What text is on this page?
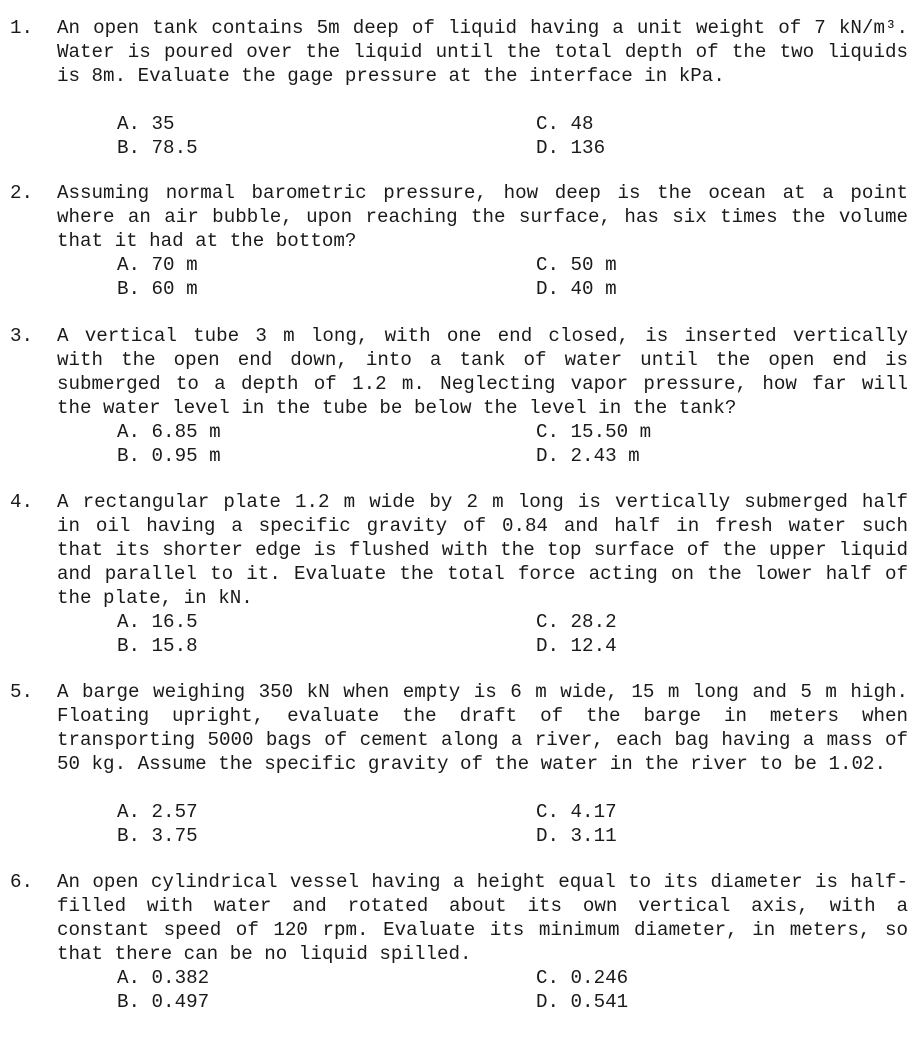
1. An open tank contains 5m deep of liquid having a unit weight of 7 kN/m³. Water is poured over the liquid until the total depth of the two liquids is 8m. Evaluate the gage pressure at the interface in kPa.
A. 35
B. 78.5
C. 48
D. 136
2. Assuming normal barometric pressure, how deep is the ocean at a point where an air bubble, upon reaching the surface, has six times the volume that it had at the bottom?
A. 70 m
B. 60 m
C. 50 m
D. 40 m
3. A vertical tube 3 m long, with one end closed, is inserted vertically with the open end down, into a tank of water until the open end is submerged to a depth of 1.2 m. Neglecting vapor pressure, how far will the water level in the tube be below the level in the tank?
A. 6.85 m
B. 0.95 m
C. 15.50 m
D. 2.43 m
4. A rectangular plate 1.2 m wide by 2 m long is vertically submerged half in oil having a specific gravity of 0.84 and half in fresh water such that its shorter edge is flushed with the top surface of the upper liquid and parallel to it. Evaluate the total force acting on the lower half of the plate, in kN.
A. 16.5
B. 15.8
C. 28.2
D. 12.4
5. A barge weighing 350 kN when empty is 6 m wide, 15 m long and 5 m high. Floating upright, evaluate the draft of the barge in meters when transporting 5000 bags of cement along a river, each bag having a mass of 50 kg. Assume the specific gravity of the water in the river to be 1.02.
A. 2.57
B. 3.75
C. 4.17
D. 3.11
6. An open cylindrical vessel having a height equal to its diameter is half-filled with water and rotated about its own vertical axis, with a constant speed of 120 rpm. Evaluate its minimum diameter, in meters, so that there can be no liquid spilled.
A. 0.382
B. 0.497
C. 0.246
D. 0.541
